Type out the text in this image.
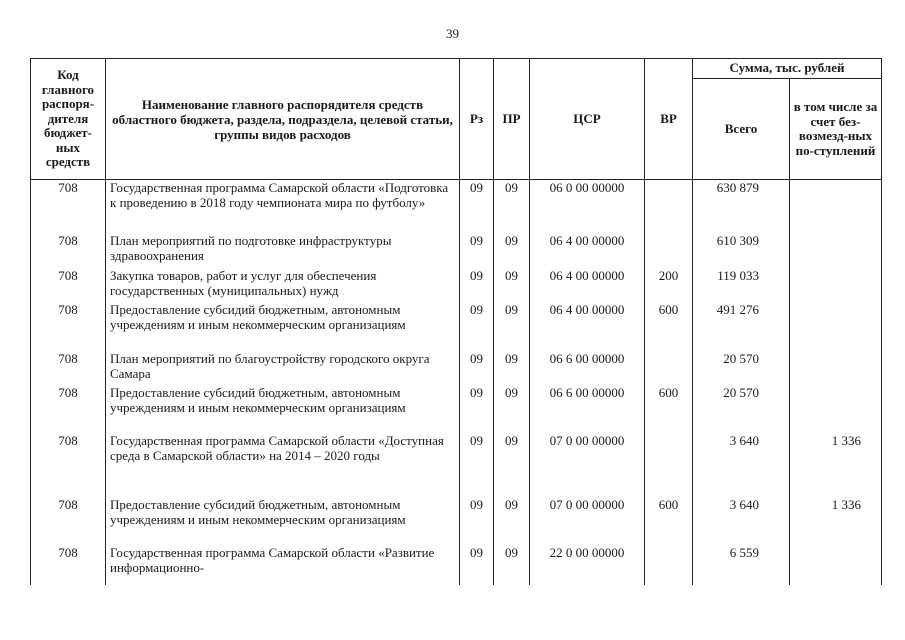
39
Код главного распоря-дителя бюджет-ных средств	Наименование главного распорядителя средств областного бюджета, раздела, подраздела, целевой статьи, группы видов расходов	Рз	ПР	ЦСР	ВР	Сумма, тыс. рублей	
						Всего	в том числе за счет без-возмезд-ных по-ступлений
708	Государственная программа Самарской области «Подготовка к проведению в 2018 году чемпионата мира по футболу»	09	09	06 0 00 00000		630 879	
708	План мероприятий по подготовке инфраструктуры здравоохранения	09	09	06 4 00 00000		610 309	
708	Закупка товаров, работ и услуг для обеспечения государственных (муниципальных) нужд	09	09	06 4 00 00000	200	119 033	
708	Предоставление субсидий бюджетным, автономным учреждениям и иным некоммерческим организациям	09	09	06 4 00 00000	600	491 276	
708	План мероприятий по благоустройству городского округа Самара	09	09	06 6 00 00000		20 570	
708	Предоставление субсидий бюджетным, автономным учреждениям и иным некоммерческим организациям	09	09	06 6 00 00000	600	20 570	
708	Государственная программа Самарской области «Доступная среда в Самарской области» на 2014 – 2020 годы	09	09	07 0 00 00000		3 640	1 336
708	Предоставление субсидий бюджетным, автономным учреждениям и иным некоммерческим организациям	09	09	07 0 00 00000	600	3 640	1 336
708	Государственная программа Самарской области «Развитие информационно-	09	09	22 0 00 00000		6 559	
